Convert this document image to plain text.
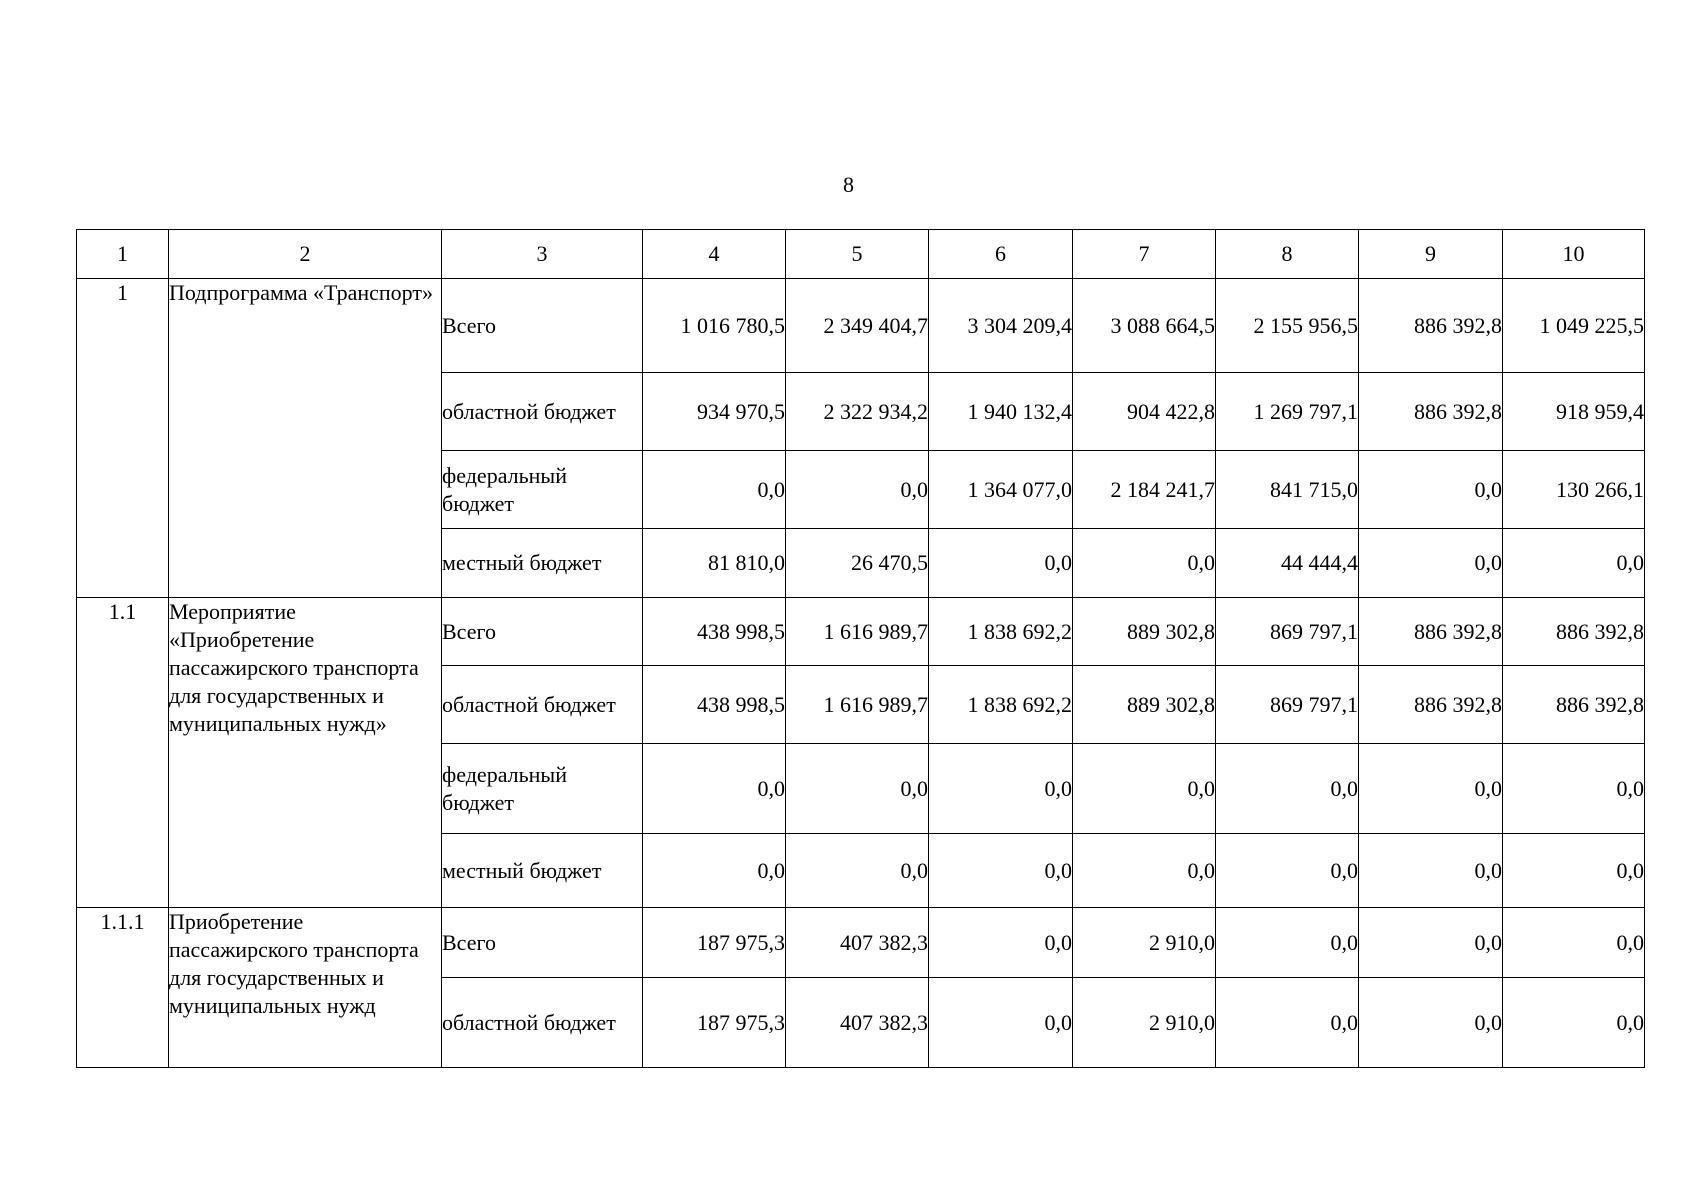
8
1	2	3	4	5	6	7	8	9	10
1	Подпрограмма «Транспорт»	Всего	1 016 780,5	2 349 404,7	3 304 209,4	3 088 664,5	2 155 956,5	886 392,8	1 049 225,5
		областной бюджет	934 970,5	2 322 934,2	1 940 132,4	904 422,8	1 269 797,1	886 392,8	918 959,4
		федеральный бюджет	0,0	0,0	1 364 077,0	2 184 241,7	841 715,0	0,0	130 266,1
		местный бюджет	81 810,0	26 470,5	0,0	0,0	44 444,4	0,0	0,0
1.1	Мероприятие «Приобретение пассажирского транспорта для государственных и муниципальных нужд»	Всего	438 998,5	1 616 989,7	1 838 692,2	889 302,8	869 797,1	886 392,8	886 392,8
		областной бюджет	438 998,5	1 616 989,7	1 838 692,2	889 302,8	869 797,1	886 392,8	886 392,8
		федеральный бюджет	0,0	0,0	0,0	0,0	0,0	0,0	0,0
		местный бюджет	0,0	0,0	0,0	0,0	0,0	0,0	0,0
1.1.1	Приобретение пассажирского транспорта для государственных и муниципальных нужд	Всего	187 975,3	407 382,3	0,0	2 910,0	0,0	0,0	0,0
		областной бюджет	187 975,3	407 382,3	0,0	2 910,0	0,0	0,0	0,0
